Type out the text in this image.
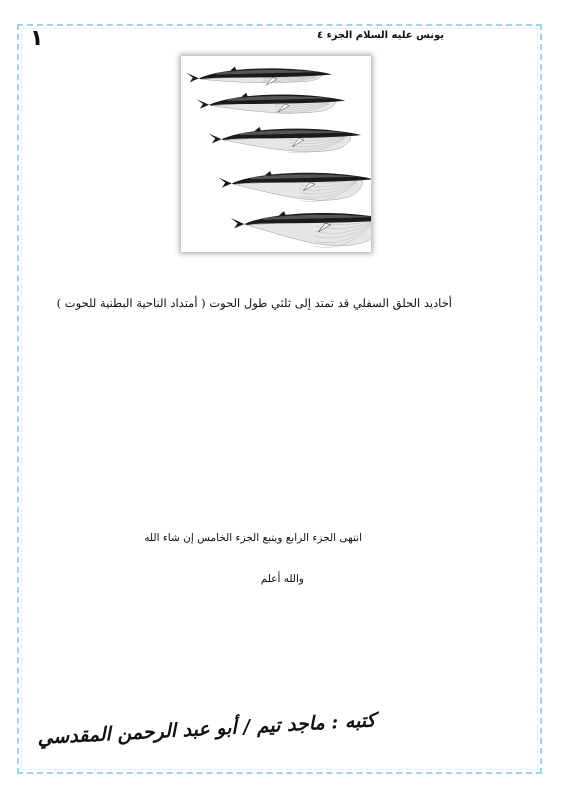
يونس عليه السلام الجزء ٤
١
أخاديد الحلق السفلي قد تمتد إلى ثلثي طول الحوت ( أمتداد الناحية البطنية للحوت )
انتهى الجزء الرابع ويتبع الجزء الخامس إن شاء الله
والله أعلم
كتبه : ماجد تيم / أبو عبد الرحمن المقدسي
